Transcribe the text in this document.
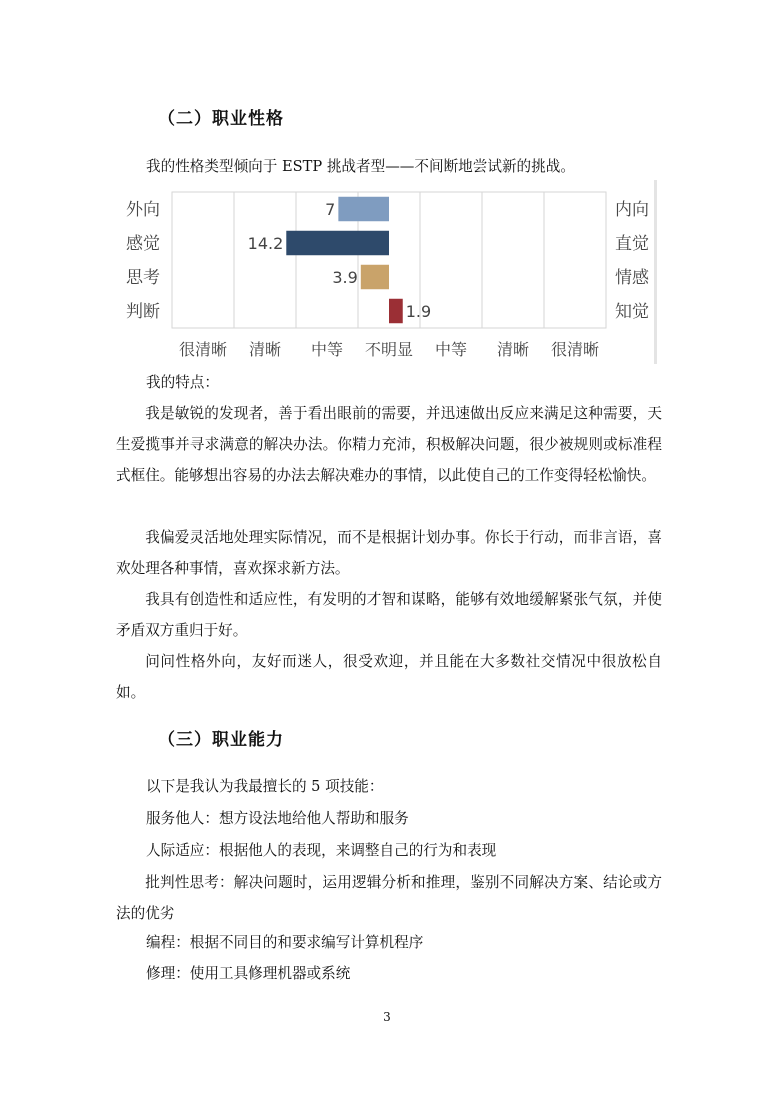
（二）职业性格
我的性格类型倾向于 ESTP 挑战者型——不间断地尝试新的挑战。
外向	内向
7
感觉	直觉
14.2
思考	情感
3.9
判断	知觉
1.9
很清晰 清晰 中等 不明显 中等 清晰 很清晰
我的特点：
我是敏锐的发现者，善于看出眼前的需要，并迅速做出反应来满足这种需要，天生爱揽事并寻求满意的解决办法。你精力充沛，积极解决问题，很少被规则或标准程式框住。能够想出容易的办法去解决难办的事情，以此使自己的工作变得轻松愉快。
我偏爱灵活地处理实际情况，而不是根据计划办事。你长于行动，而非言语，喜欢处理各种事情，喜欢探求新方法。
我具有创造性和适应性，有发明的才智和谋略，能够有效地缓解紧张气氛，并使矛盾双方重归于好。
问问性格外向，友好而迷人，很受欢迎，并且能在大多数社交情况中很放松自如。
（三）职业能力
以下是我认为我最擅长的 5 项技能：
服务他人：想方设法地给他人帮助和服务
人际适应：根据他人的表现，来调整自己的行为和表现
批判性思考：解决问题时，运用逻辑分析和推理，鉴别不同解决方案、结论或方法的优劣
编程：根据不同目的和要求编写计算机程序
修理：使用工具修理机器或系统
3
